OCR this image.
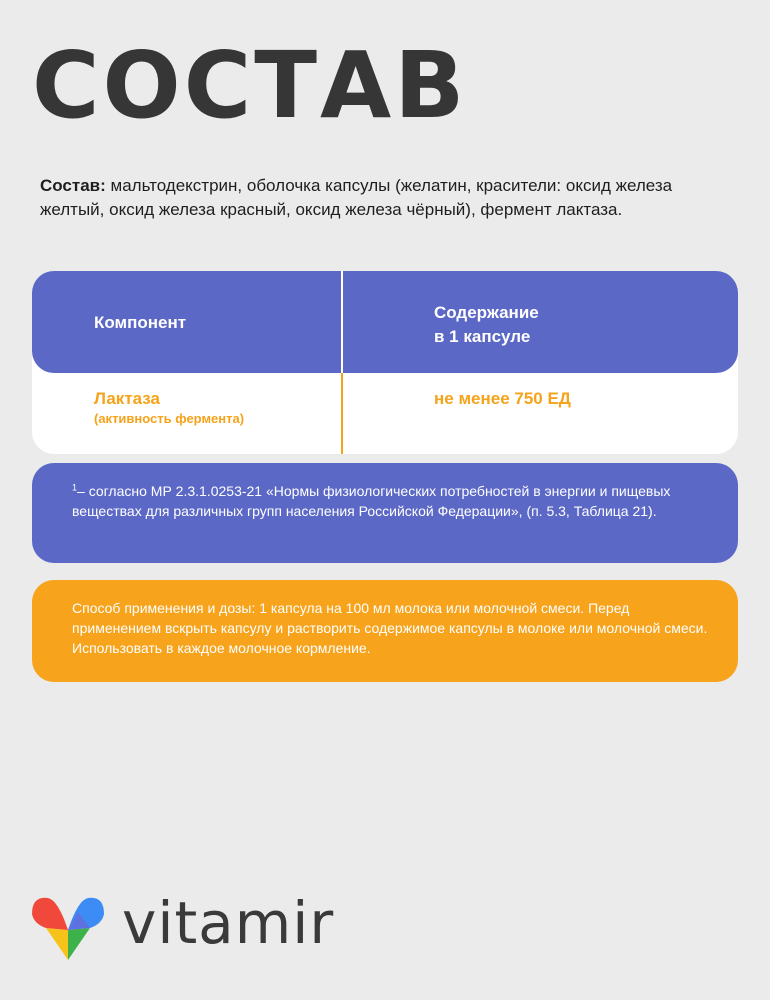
СОСТАВ
Состав: мальтодекстрин, оболочка капсулы (желатин, красители: оксид железа желтый, оксид железа красный, оксид железа чёрный), фермент лактаза.
Компонент
Содержание
в 1 капсуле
Лактаза
(активность фермента)
не менее 750 ЕД
$^1$– согласно МР 2.3.1.0253-21 «Нормы физиологических потребностей в энергии и пищевых веществах для различных групп населения Российской Федерации», (п. 5.3, Таблица 21).
Способ применения и дозы: 1 капсула на 100 мл молока или молочной смеси. Перед применением вскрыть капсулу и растворить содержимое капсулы в молоке или молочной смеси. Использовать в каждое молочное кормление.
vitamir
